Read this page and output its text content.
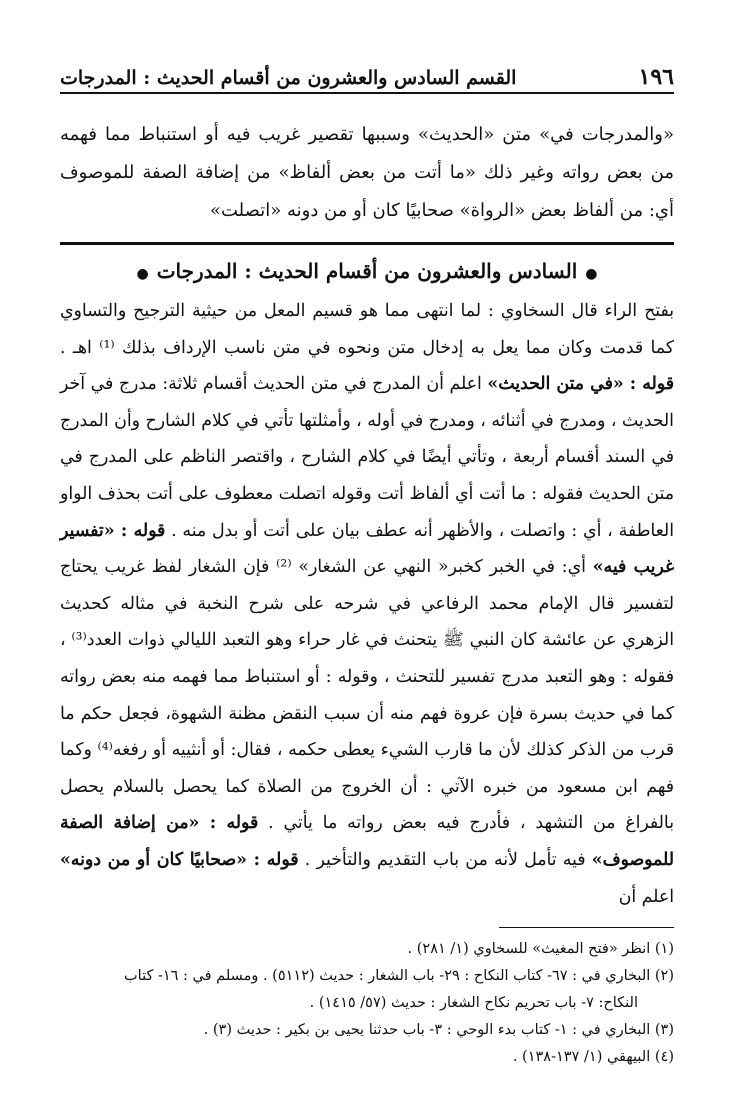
١٩٦
القسم السادس والعشرون من أقسام الحديث : المدرجات
«والمدرجات في» متن «الحديث» وسببها تقصير غريب فيه أو استنباط مما فهمه من بعض رواته وغير ذلك «ما أتت من بعض ألفاظ» من إضافة الصفة للموصوف أي: من ألفاظ بعض «الرواة» صحابيًا كان أو من دونه «اتصلت»
●السادس والعشرون من أقسام الحديث : المدرجات●

بفتح الراء قال السخاوي : لما انتهى مما هو قسيم المعل من حيثية الترجيح والتساوي كما قدمت وكان مما يعل به إدخال متن ونحوه في متن ناسب الإرداف بذلك ⁽¹⁾ اهـ . قوله : «في متن الحديث» اعلم أن المدرج في متن الحديث أقسام ثلاثة: مدرج في آخر الحديث ، ومدرج في أثنائه ، ومدرج في أوله ، وأمثلتها تأتي في كلام الشارح وأن المدرج في السند أقسام أربعة ، وتأتي أيضًا في كلام الشارح ، واقتصر الناظم على المدرج في متن الحديث فقوله : ما أتت أي ألفاظ أتت وقوله اتصلت معطوف على أتت بحذف الواو العاطفة ، أي : واتصلت ، والأظهر أنه عطف بيان على أتت أو بدل منه . قوله : «تفسير غريب فيه» أي: في الخبر كخبر« النهي عن الشغار» ⁽²⁾ فإن الشغار لفظ غريب يحتاج لتفسير قال الإمام محمد الرفاعي في شرحه على شرح النخبة في مثاله كحديث الزهري عن عائشة كان النبي ﷺ يتحنث في غار حراء وهو التعبد الليالي ذوات العدد⁽³⁾ ، فقوله : وهو التعبد مدرج تفسير للتحنث ، وقوله : أو استنباط مما فهمه منه بعض رواته كما في حديث بسرة فإن عروة فهم منه أن سبب النقض مظنة الشهوة، فجعل حكم ما قرب من الذكر كذلك لأن ما قارب الشيء يعطى حكمه ، فقال: أو أنثييه أو رفغه⁽⁴⁾ وكما فهم ابن مسعود من خبره الآتي : أن الخروج من الصلاة كما يحصل بالسلام يحصل بالفراغ من التشهد ، فأدرج فيه بعض رواته ما يأتي . قوله : «من إضافة الصفة للموصوف» فيه تأمل لأنه من باب التقديم والتأخير . قوله : «صحابيًا كان أو من دونه» اعلم أن

(١) انظر «فتح المغيث» للسخاوي (١/ ٢٨١) .
(٢) البخاري في : ٦٧- كتاب النكاح : ٢٩- باب الشغار : حديث (٥١١٢) . ومسلم في : ١٦- كتاب
النكاح: ٧- باب تحريم نكاح الشغار : حديث (٥٧/ ١٤١٥) .
(٣) البخاري في : ١- كتاب بدء الوحي : ٣- باب حدثنا يحيى بن بكير : حديث (٣) .
(٤) البيهقي (١/ ١٣٧-١٣٨) .
